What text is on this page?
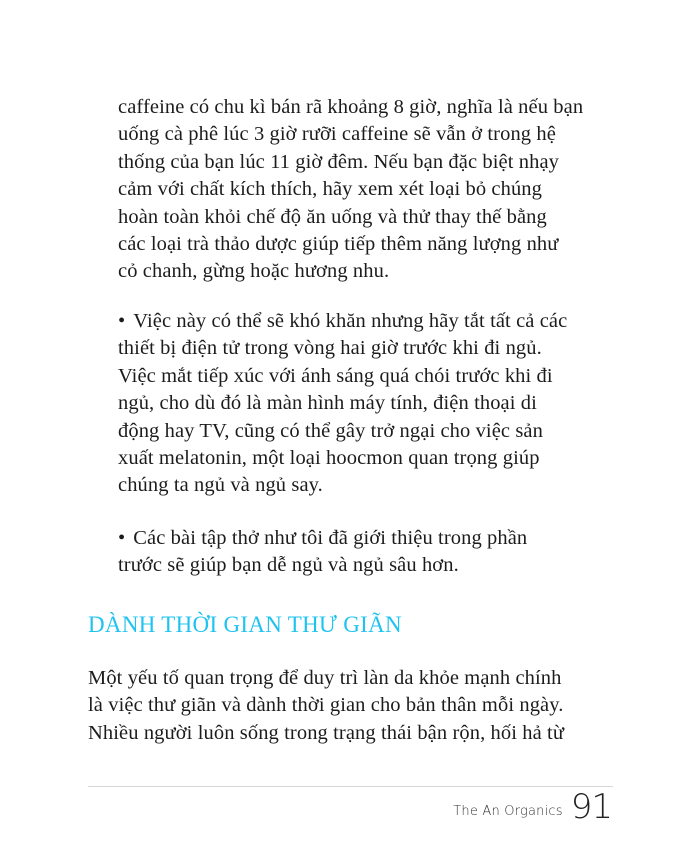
caffeine có chu kì bán rã khoảng 8 giờ, nghĩa là nếu bạn
uống cà phê lúc 3 giờ rưỡi caffeine sẽ vẫn ở trong hệ
thống của bạn lúc 11 giờ đêm. Nếu bạn đặc biệt nhạy
cảm với chất kích thích, hãy xem xét loại bỏ chúng
hoàn toàn khỏi chế độ ăn uống và thử thay thế bằng
các loại trà thảo dược giúp tiếp thêm năng lượng như
cỏ chanh, gừng hoặc hương nhu.
• Việc này có thể sẽ khó khăn nhưng hãy tắt tất cả các
thiết bị điện tử trong vòng hai giờ trước khi đi ngủ.
Việc mắt tiếp xúc với ánh sáng quá chói trước khi đi
ngủ, cho dù đó là màn hình máy tính, điện thoại di
động hay TV, cũng có thể gây trở ngại cho việc sản
xuất melatonin, một loại hoocmon quan trọng giúp
chúng ta ngủ và ngủ say.
• Các bài tập thở như tôi đã giới thiệu trong phần
trước sẽ giúp bạn dễ ngủ và ngủ sâu hơn.
DÀNH THỜI GIAN THƯ GIÃN
Một yếu tố quan trọng để duy trì làn da khỏe mạnh chính
là việc thư giãn và dành thời gian cho bản thân mỗi ngày.
Nhiều người luôn sống trong trạng thái bận rộn, hối hả từ
The An Organics 91
